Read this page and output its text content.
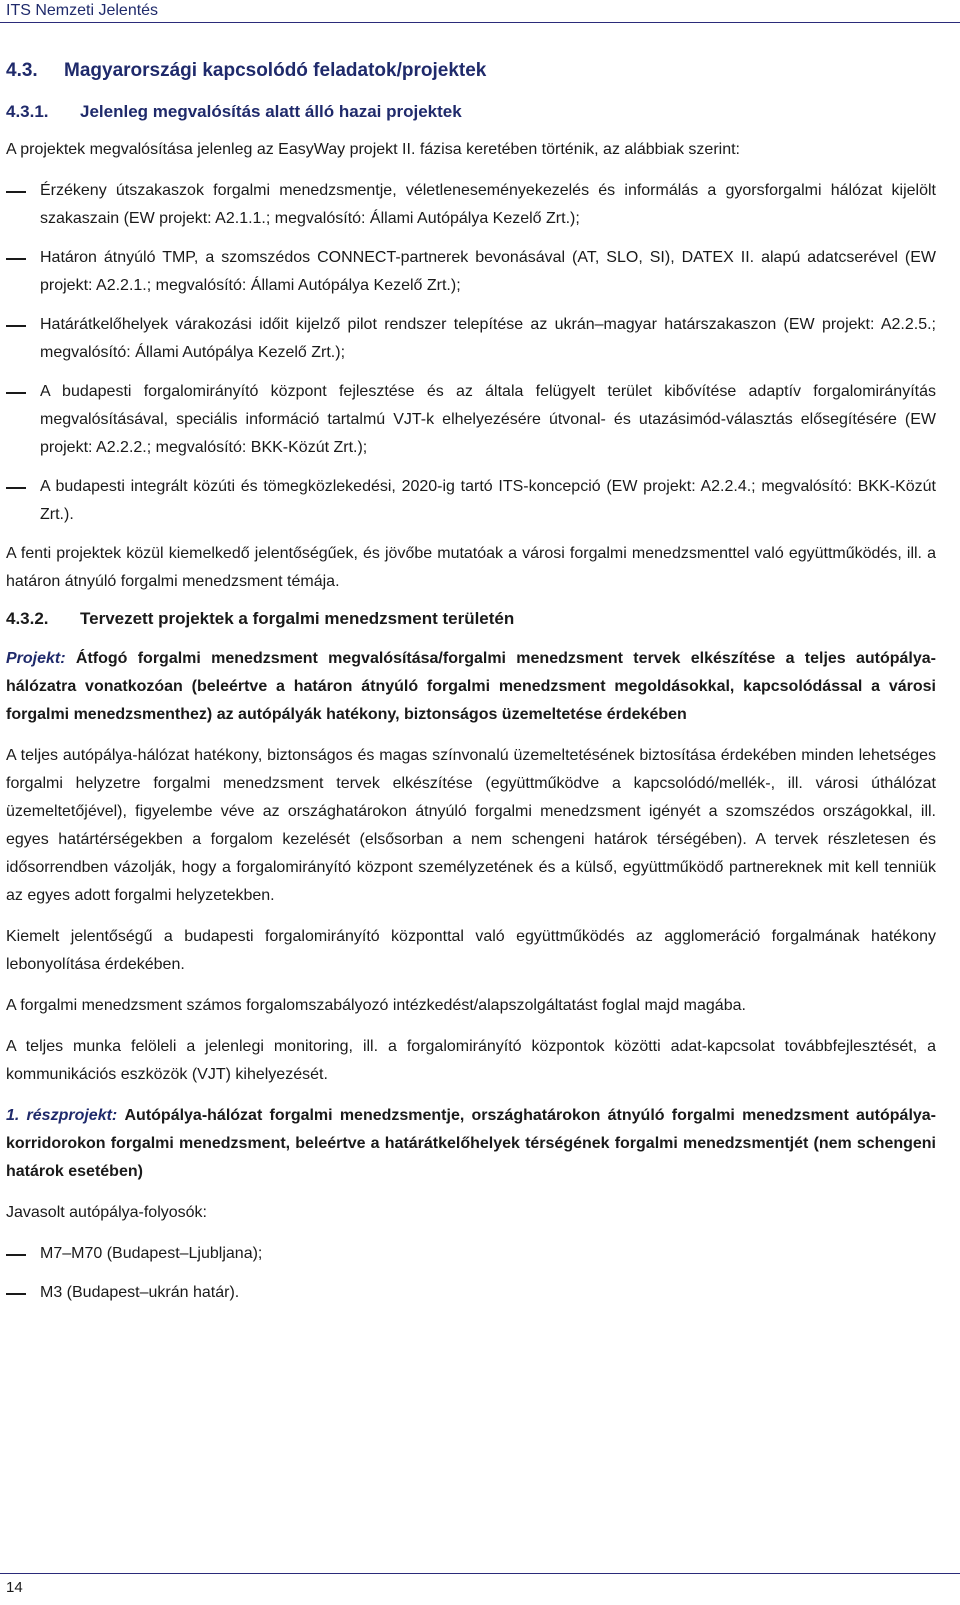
ITS Nemzeti Jelentés
4.3. Magyarországi kapcsolódó feladatok/projektek
4.3.1. Jelenleg megvalósítás alatt álló hazai projektek

A projektek megvalósítása jelenleg az EasyWay projekt II. fázisa keretében történik, az alábbiak szerint:

Érzékeny útszakaszok forgalmi menedzsmentje, véletleneseményekezelés és informálás a gyorsforgalmi hálózat kijelölt szakaszain (EW projekt: A2.1.1.; megvalósító: Állami Autópálya Kezelő Zrt.);
Határon átnyúló TMP, a szomszédos CONNECT-partnerek bevonásával (AT, SLO, SI), DATEX II. alapú adatcserével (EW projekt: A2.2.1.; megvalósító: Állami Autópálya Kezelő Zrt.);
Határátkelőhelyek várakozási időit kijelző pilot rendszer telepítése az ukrán–magyar határszakaszon (EW projekt: A2.2.5.; megvalósító: Állami Autópálya Kezelő Zrt.);
A budapesti forgalomirányító központ fejlesztése és az általa felügyelt terület kibővítése adaptív forgalomirányítás megvalósításával, speciális információ tartalmú VJT-k elhelyezésére útvonal- és utazásimód-választás elősegítésére (EW projekt: A2.2.2.; megvalósító: BKK-Közút Zrt.);
A budapesti integrált közúti és tömegközlekedési, 2020-ig tartó ITS-koncepció (EW projekt: A2.2.4.; megvalósító: BKK-Közút Zrt.).

A fenti projektek közül kiemelkedő jelentőségűek, és jövőbe mutatóak a városi forgalmi menedzsmenttel való együttműködés, ill. a határon átnyúló forgalmi menedzsment témája.

4.3.2. Tervezett projektek a forgalmi menedzsment területén

Projekt: Átfogó forgalmi menedzsment megvalósítása/forgalmi menedzsment tervek elkészítése a teljes autópálya-hálózatra vonatkozóan (beleértve a határon átnyúló forgalmi menedzsment megoldásokkal, kapcsolódással a városi forgalmi menedzsmenthez) az autópályák hatékony, biztonságos üzemeltetése érdekében

A teljes autópálya-hálózat hatékony, biztonságos és magas színvonalú üzemeltetésének biztosítása érdekében minden lehetséges forgalmi helyzetre forgalmi menedzsment tervek elkészítése (együttműködve a kapcsolódó/mellék-, ill. városi úthálózat üzemeltetőjével), figyelembe véve az országhatárokon átnyúló forgalmi menedzsment igényét a szomszédos országokkal, ill. egyes határtérségekben a forgalom kezelését (elsősorban a nem schengeni határok térségében). A tervek részletesen és idősorrendben vázolják, hogy a forgalomirányító központ személyzetének és a külső, együttműködő partnereknek mit kell tenniük az egyes adott forgalmi helyzetekben.

Kiemelt jelentőségű a budapesti forgalomirányító központtal való együttműködés az agglomeráció forgalmának hatékony lebonyolítása érdekében.

A forgalmi menedzsment számos forgalomszabályozó intézkedést/alapszolgáltatást foglal majd magába.

A teljes munka felöleli a jelenlegi monitoring, ill. a forgalomirányító központok közötti adat-kapcsolat továbbfejlesztését, a kommunikációs eszközök (VJT) kihelyezését.

1. részprojekt: Autópálya-hálózat forgalmi menedzsmentje, országhatárokon átnyúló forgalmi menedzsment autópálya-korridorokon forgalmi menedzsment, beleértve a határátkelőhelyek térségének forgalmi menedzsmentjét (nem schengeni határok esetében)

Javasolt autópálya-folyosók:

M7–M70 (Budapest–Ljubljana);
M3 (Budapest–ukrán határ).
14
